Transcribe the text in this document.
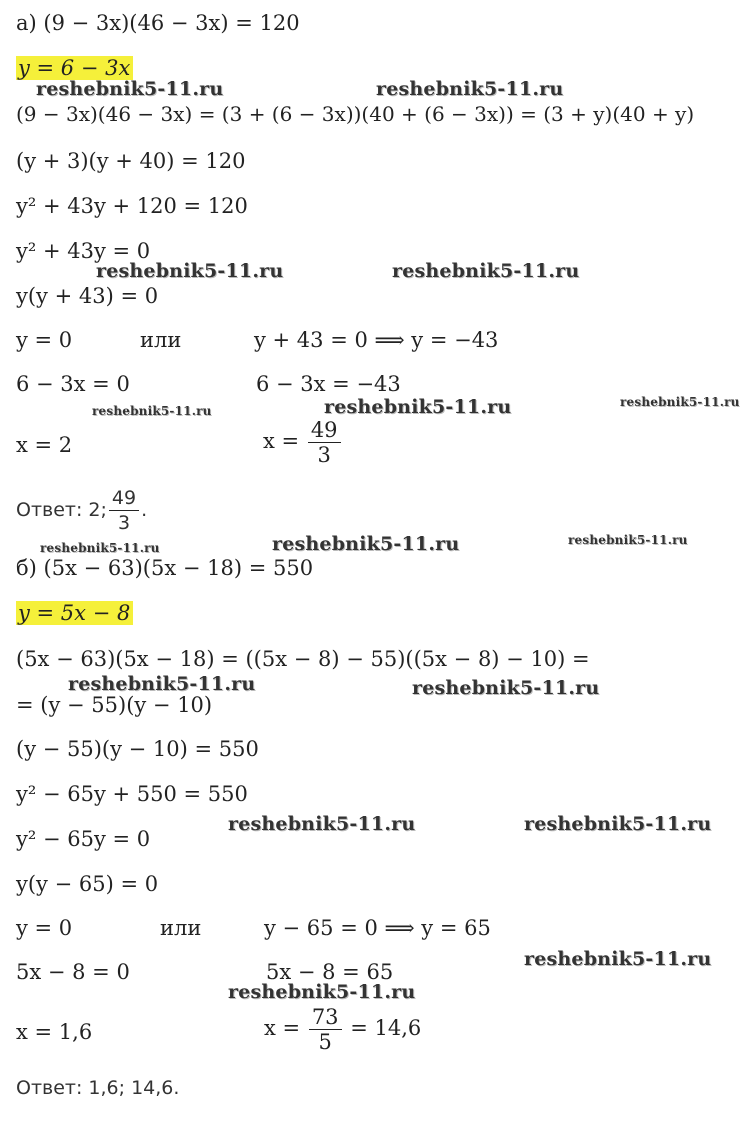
а) (9 − 3x)(46 − 3x) = 120
y = 6 − 3x
(9 − 3x)(46 − 3x) = (3 + (6 − 3x))(40 + (6 − 3x)) = (3 + y)(40 + y)
(y + 3)(y + 40) = 120
y² + 43y + 120 = 120
y² + 43y = 0
y(y + 43) = 0
y = 0	или	y + 43 = 0 ⟹ y = −43
6 − 3x = 0	6 − 3x = −43
x = 2	$x = \frac{49}{3}$
Ответ: 2; $\frac{49}{3}$ .
б) (5x − 63)(5x − 18) = 550
y = 5x − 8
(5x − 63)(5x − 18) = ((5x − 8) − 55)((5x − 8) − 10) =
= (y − 55)(y − 10)
(y − 55)(y − 10) = 550
y² − 65y + 550 = 550
y² − 65y = 0
y(y − 65) = 0
y = 0	или	y − 65 = 0 ⟹ y = 65
5x − 8 = 0	5x − 8 = 65
x = 1,6	$x = \frac{73}{5} = 14,6$
Ответ: 1,6; 14,6.
reshebnik5-11.ru	reshebnik5-11.ru
reshebnik5-11.ru	reshebnik5-11.ru
reshebnik5-11.ru	reshebnik5-11.ru	reshebnik5-11.ru
reshebnik5-11.ru	reshebnik5-11.ru	reshebnik5-11.ru
reshebnik5-11.ru	reshebnik5-11.ru
reshebnik5-11.ru	reshebnik5-11.ru
reshebnik5-11.ru
reshebnik5-11.ru
